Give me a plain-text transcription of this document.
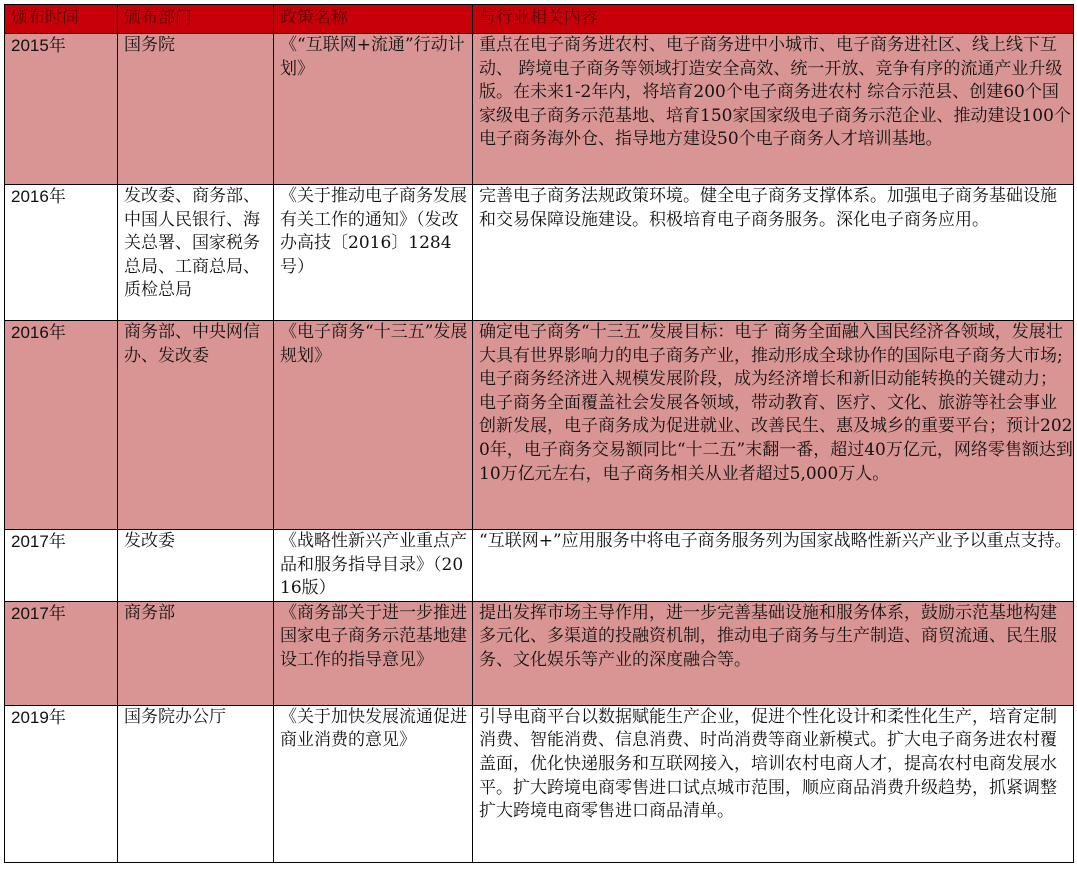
颁布时间	颁布部门	政策名称	与行业相关内容
2015年	国务院	《“互联网+流通”行动计划》	重点在电子商务进农村、电子商务进中小城市、电子商务进社区、线上线下互动、 跨境电子商务等领域打造安全高效、统一开放、竞争有序的流通产业升级版。在未来1-2年内，将培育200个电子商务进农村 综合示范县、创建60个国家级电子商务示范基地、培育150家国家级电子商务示范企业、推动建设100个电子商务海外仓、指导地方建设50个电子商务人才培训基地。
2016年	发改委、商务部、中国人民银行、海关总署、国家税务总局、工商总局、质检总局	《关于推动电子商务发展有关工作的通知》（发改办高技〔2016〕1284号）	完善电子商务法规政策环境。健全电子商务支撑体系。加强电子商务基础设施和交易保障设施建设。积极培育电子商务服务。深化电子商务应用。
2016年	商务部、中央网信办、发改委	《电子商务“十三五”发展规划》	确定电子商务“十三五”发展目标：电子 商务全面融入国民经济各领域，发展壮大具有世界影响力的电子商务产业，推动形成全球协作的国际电子商务大市场;电子商务经济进入规模发展阶段，成为经济增长和新旧动能转换的关键动力；电子商务全面覆盖社会发展各领域，带动教育、医疗、文化、旅游等社会事业创新发展，电子商务成为促进就业、改善民生、惠及城乡的重要平台；预计2020年，电子商务交易额同比“十二五”末翻一番，超过40万亿元，网络零售额达到10万亿元左右，电子商务相关从业者超过5,000万人。
2017年	发改委	《战略性新兴产业重点产品和服务指导目录》（2016版）	“互联网+”应用服务中将电子商务服务列为国家战略性新兴产业予以重点支持。
2017年	商务部	《商务部关于进一步推进国家电子商务示范基地建设工作的指导意见》	提出发挥市场主导作用，进一步完善基础设施和服务体系，鼓励示范基地构建多元化、多渠道的投融资机制，推动电子商务与生产制造、商贸流通、民生服务、文化娱乐等产业的深度融合等。
2019年	国务院办公厅	《关于加快发展流通促进商业消费的意见》	引导电商平台以数据赋能生产企业，促进个性化设计和柔性化生产，培育定制消费、智能消费、信息消费、时尚消费等商业新模式。扩大电子商务进农村覆盖面，优化快递服务和互联网接入，培训农村电商人才，提高农村电商发展水平。扩大跨境电商零售进口试点城市范围，顺应商品消费升级趋势，抓紧调整扩大跨境电商零售进口商品清单。
